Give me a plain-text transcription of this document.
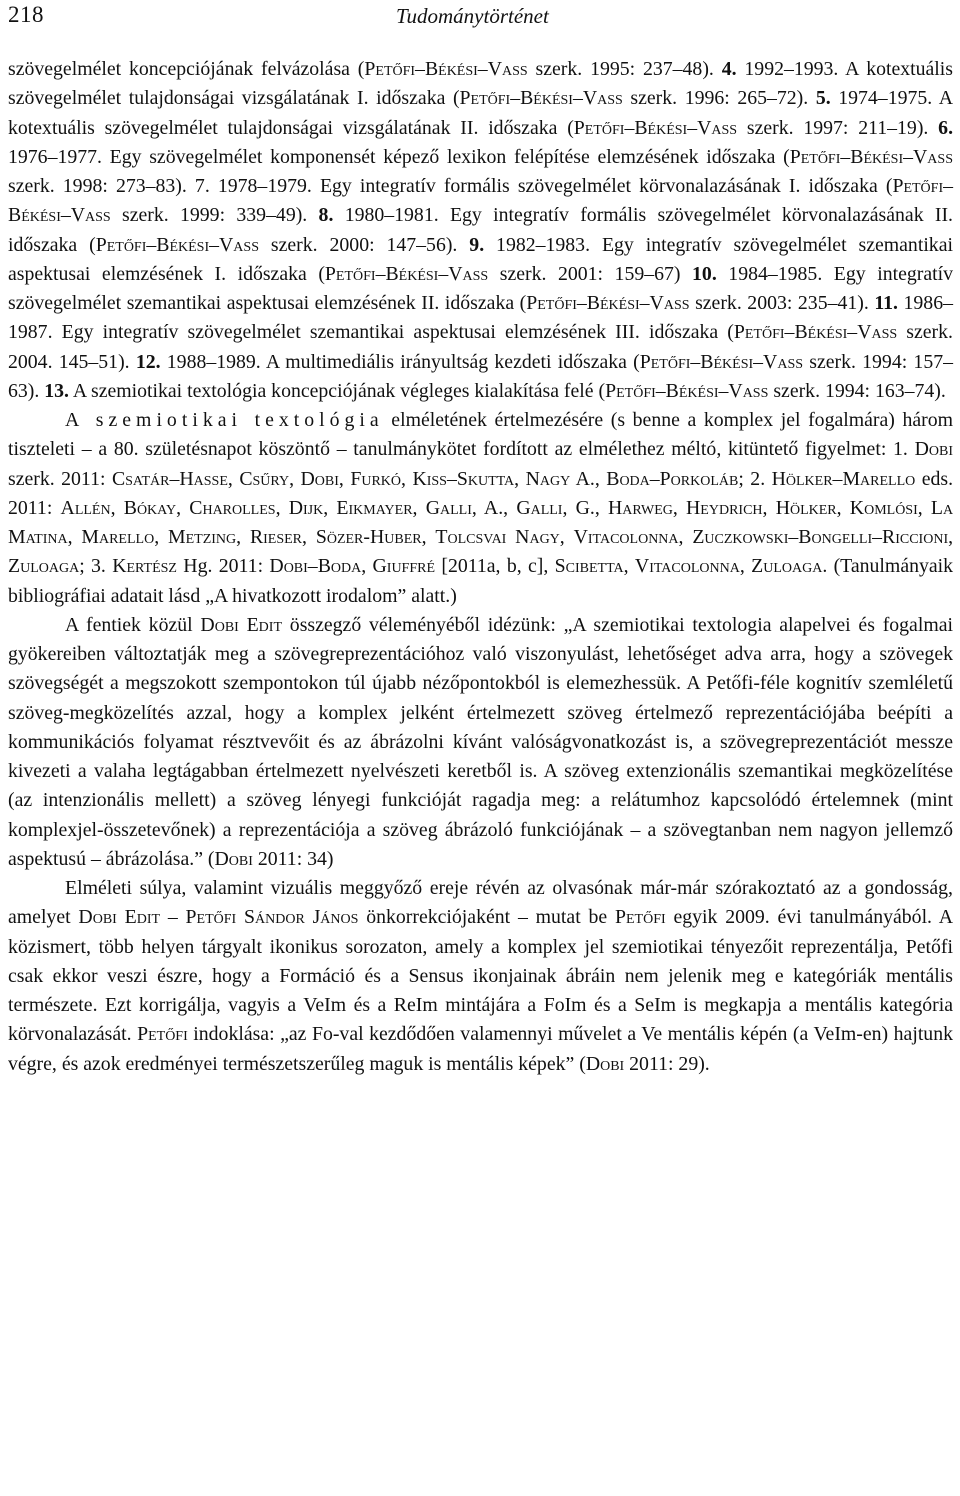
218	Tudománytörténet

szövegelmélet koncepciójának felvázolása (Petőfi–Békési–Vass szerk. 1995: 237–48). 4. 1992–1993. A kotextuális szövegelmélet tulajdonságai vizsgálatának I. időszaka (Petőfi–Békési–Vass szerk. 1996: 265–72). 5. 1974–1975. A kotextuális szövegelmélet tulajdonságai vizsgálatának II. időszaka (Petőfi–Békési–Vass szerk. 1997: 211–19). 6. 1976–1977. Egy szövegelmélet komponensét képező lexikon felépítése elemzésének időszaka (Petőfi–Békési–Vass szerk. 1998: 273–83). 7. 1978–1979. Egy integratív formális szövegelmélet körvonalazásának I. időszaka (Petőfi–Békési–Vass szerk. 1999: 339–49). 8. 1980–1981. Egy integratív formális szövegelmélet körvonalazásának II. időszaka (Petőfi–Békési–Vass szerk. 2000: 147–56). 9. 1982–1983. Egy integratív szövegelmélet szemantikai aspektusai elemzésének I. időszaka (Petőfi–Békési–Vass szerk. 2001: 159–67) 10. 1984–1985. Egy integratív szövegelmélet szemantikai aspektusai elemzésének II. időszaka (Petőfi–Békési–Vass szerk. 2003: 235–41). 11. 1986–1987. Egy integratív szövegelmélet szemantikai aspektusai elemzésének III. időszaka (Petőfi–Békési–Vass szerk. 2004. 145–51). 12. 1988–1989. A multimediális irányultság kezdeti időszaka (Petőfi–Békési–Vass szerk. 1994: 157–63). 13. A szemiotikai textológia koncepciójának végleges kialakítása felé (Petőfi–Békési–Vass szerk. 1994: 163–74).

A szemiotikai textológia elméletének értelmezésére (s benne a komplex jel fogalmára) három tiszteleti – a 80. születésnapot köszöntő – tanulmánykötet fordított az elmélethez méltó, kitüntető figyelmet: 1. Dobi szerk. 2011: Csatár–Hasse, Csűry, Dobi, Furkó, Kiss–Skutta, Nagy A., Boda–Porkoláb; 2. Hölker–Marello eds. 2011: Allén, Bókay, Charolles, Dijk, Eikmayer, Galli, A., Galli, G., Harweg, Heydrich, Hölker, Komlósi, La Matina, Marello, Metzing, Rieser, Sözer-Huber, Tolcsvai Nagy, Vitacolonna, Zuczkowski–Bongelli–Riccioni, Zuloaga; 3. Kertész Hg. 2011: Dobi–Boda, Giuffré [2011a, b, c], Scibetta, Vitacolonna, Zuloaga. (Tanulmányaik bibliográfiai adatait lásd „A hivatkozott irodalom” alatt.)

A fentiek közül Dobi Edit összegző véleményéből idézünk: „A szemiotikai textologia alapelvei és fogalmai gyökereiben változtatják meg a szövegreprezentációhoz való viszonyulást, lehetőséget adva arra, hogy a szövegek szövegségét a megszokott szempontokon túl újabb nézőpontokból is elemezhessük. A Petőfi-féle kognitív szemléletű szöveg-megközelítés azzal, hogy a komplex jelként értelmezett szöveg értelmező reprezentációjába beépíti a kommunikációs folyamat résztvevőit és az ábrázolni kívánt valóságvonatkozást is, a szövegreprezentációt messze kivezeti a valaha legtágabban értelmezett nyelvészeti keretből is. A szöveg extenzionális szemantikai megközelítése (az intenzionális mellett) a szöveg lényegi funkcióját ragadja meg: a relátumhoz kapcsolódó értelemnek (mint komplexjel-összetevőnek) a reprezentációja a szöveg ábrázoló funkciójának – a szövegtanban nem nagyon jellemző aspektusú – ábrázolása.” (Dobi 2011: 34)

Elméleti súlya, valamint vizuális meggyőző ereje révén az olvasónak már-már szórakoztató az a gondosság, amelyet Dobi Edit – Petőfi Sándor János önkorrekciójaként – mutat be Petőfi egyik 2009. évi tanulmányából. A közismert, több helyen tárgyalt ikonikus sorozaton, amely a komplex jel szemiotikai tényezőit reprezentálja, Petőfi csak ekkor veszi észre, hogy a Formáció és a Sensus ikonjainak ábráin nem jelenik meg e kategóriák mentális természete. Ezt korrigálja, vagyis a VeIm és a ReIm mintájára a FoIm és a SeIm is megkapja a mentális kategória körvonalazását. Petőfi indoklása: „az Fo-val kezdődően valamennyi művelet a Ve mentális képén (a VeIm-en) hajtunk végre, és azok eredményei természetszerűleg maguk is mentális képek” (Dobi 2011: 29).
